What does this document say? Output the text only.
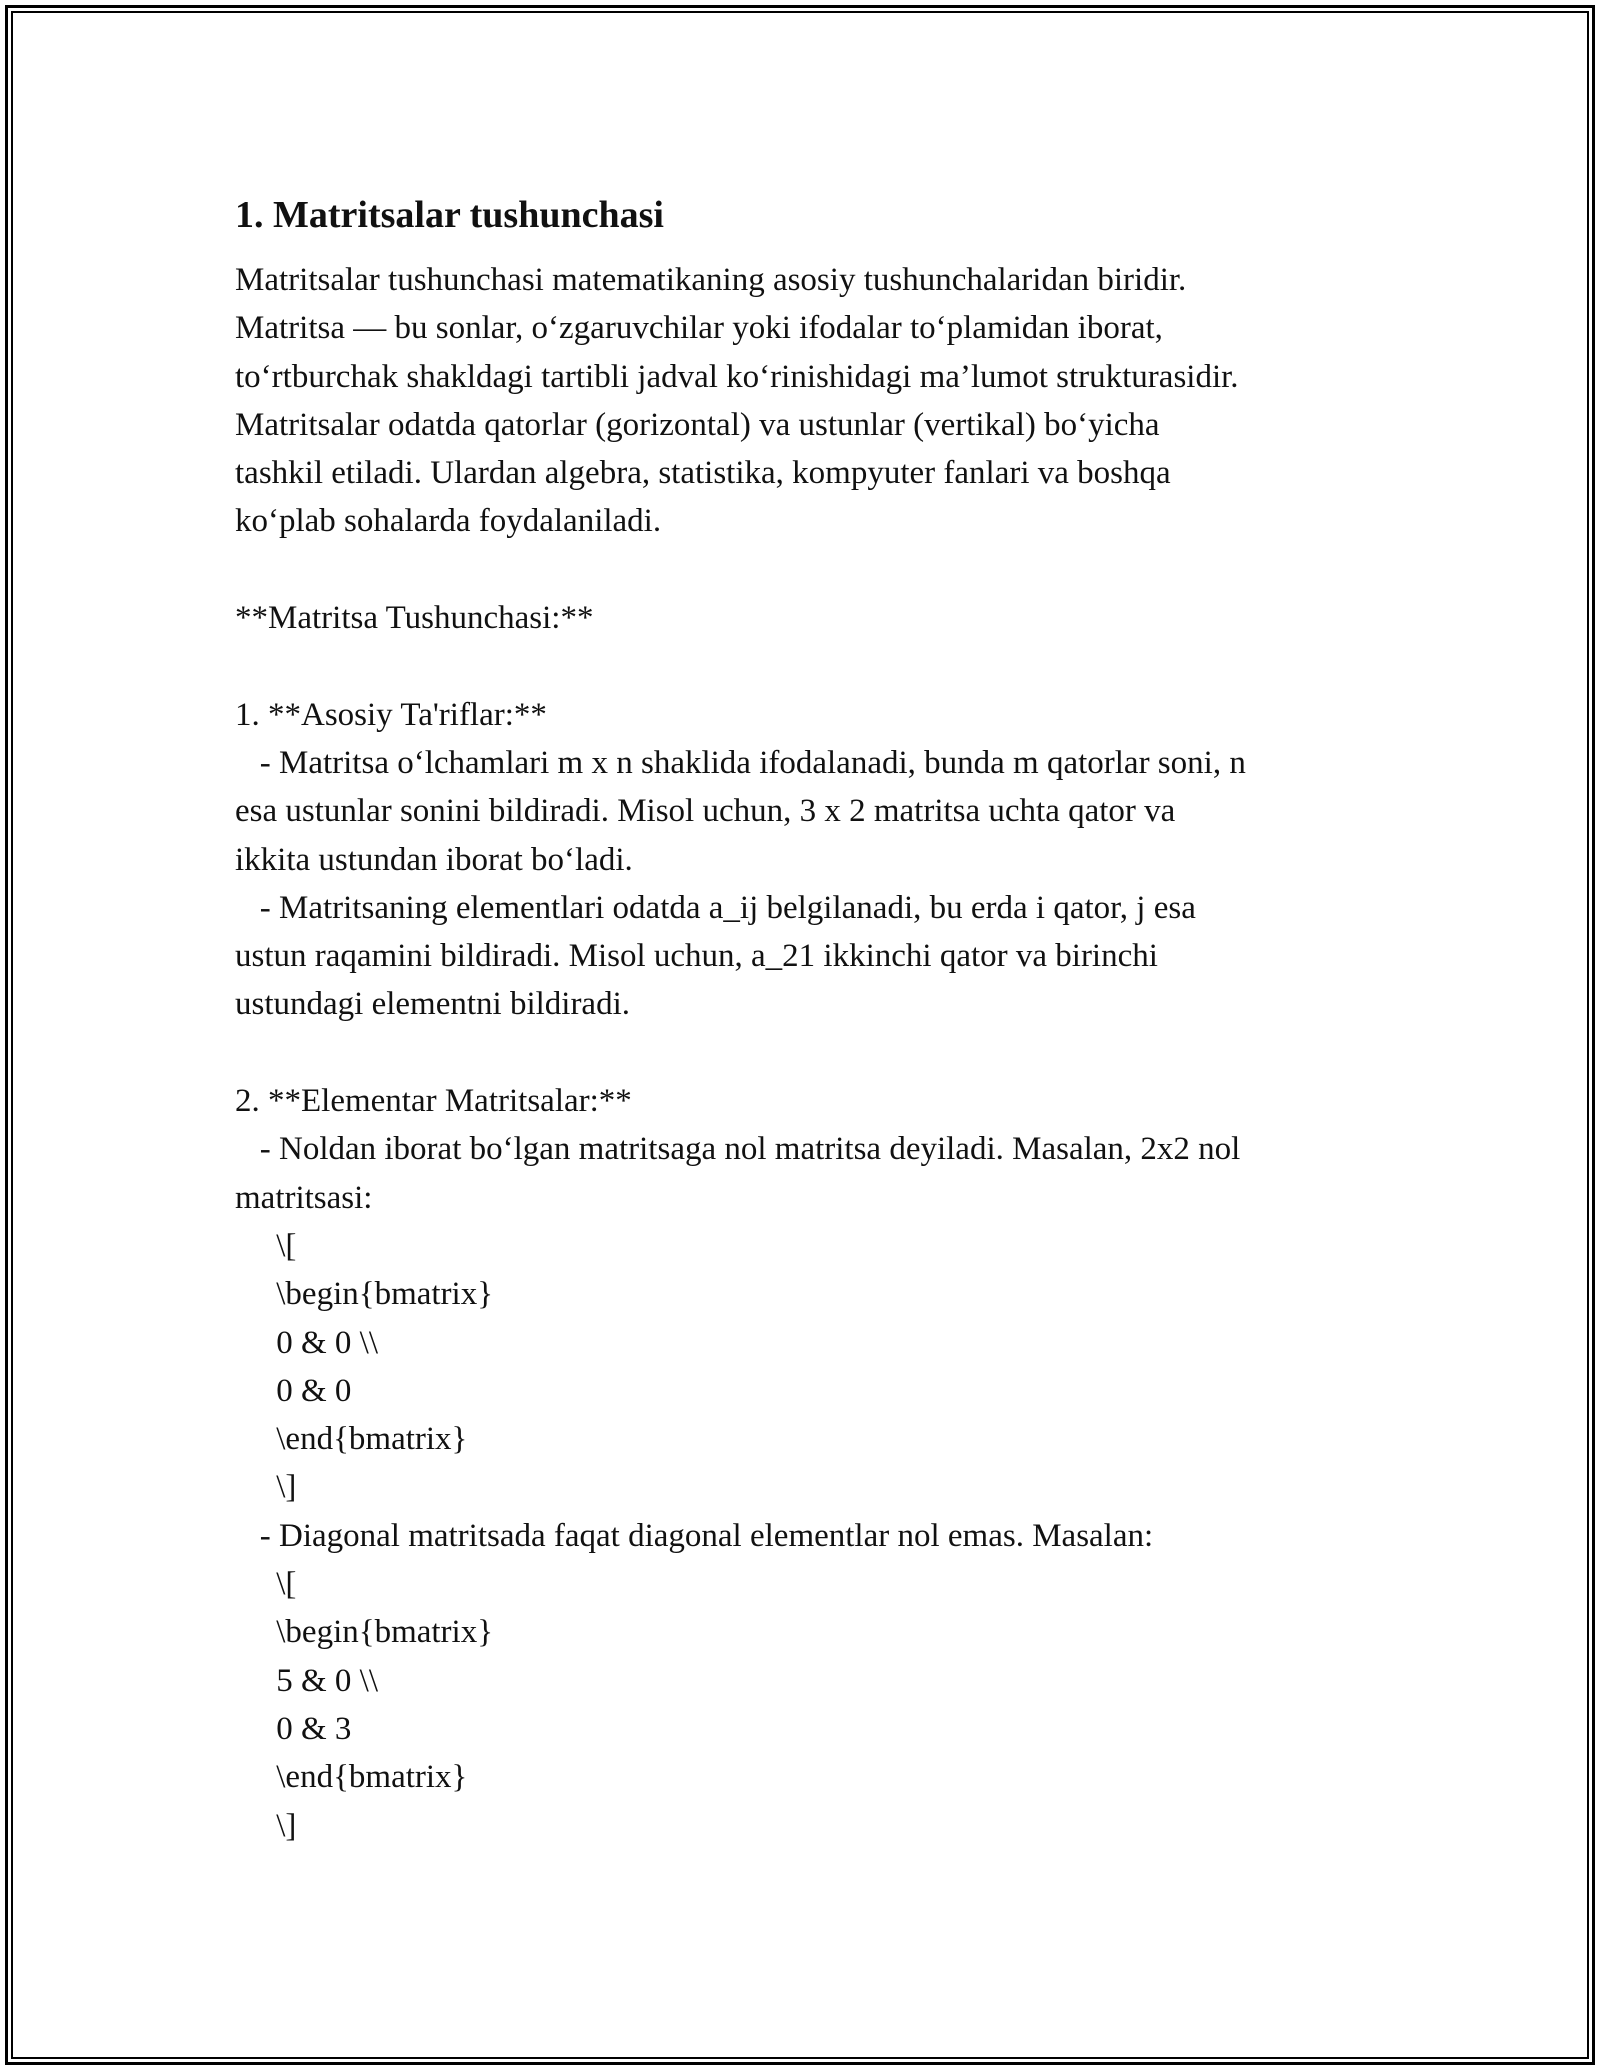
1. Matritsalar tushunchasi
Matritsalar tushunchasi matematikaning asosiy tushunchalaridan biridir.
Matritsa — bu sonlar, o‘zgaruvchilar yoki ifodalar to‘plamidan iborat,
to‘rtburchak shakldagi tartibli jadval ko‘rinishidagi ma’lumot strukturasidir.
Matritsalar odatda qatorlar (gorizontal) va ustunlar (vertikal) bo‘yicha
tashkil etiladi. Ulardan algebra, statistika, kompyuter fanlari va boshqa
ko‘plab sohalarda foydalaniladi.
**Matritsa Tushunchasi:**
1. **Asosiy Ta'riflar:**
- Matritsa o‘lchamlari m x n shaklida ifodalanadi, bunda m qatorlar soni, n
esa ustunlar sonini bildiradi. Misol uchun, 3 x 2 matritsa uchta qator va
ikkita ustundan iborat bo‘ladi.
- Matritsaning elementlari odatda a_ij belgilanadi, bu erda i qator, j esa
ustun raqamini bildiradi. Misol uchun, a_21 ikkinchi qator va birinchi
ustundagi elementni bildiradi.
2. **Elementar Matritsalar:**
- Noldan iborat bo‘lgan matritsaga nol matritsa deyiladi. Masalan, 2x2 nol
matritsasi:
\[
\begin{bmatrix}
0 & 0 \\
0 & 0
\end{bmatrix}
\]
- Diagonal matritsada faqat diagonal elementlar nol emas. Masalan:
\[
\begin{bmatrix}
5 & 0 \\
0 & 3
\end{bmatrix}
\]
